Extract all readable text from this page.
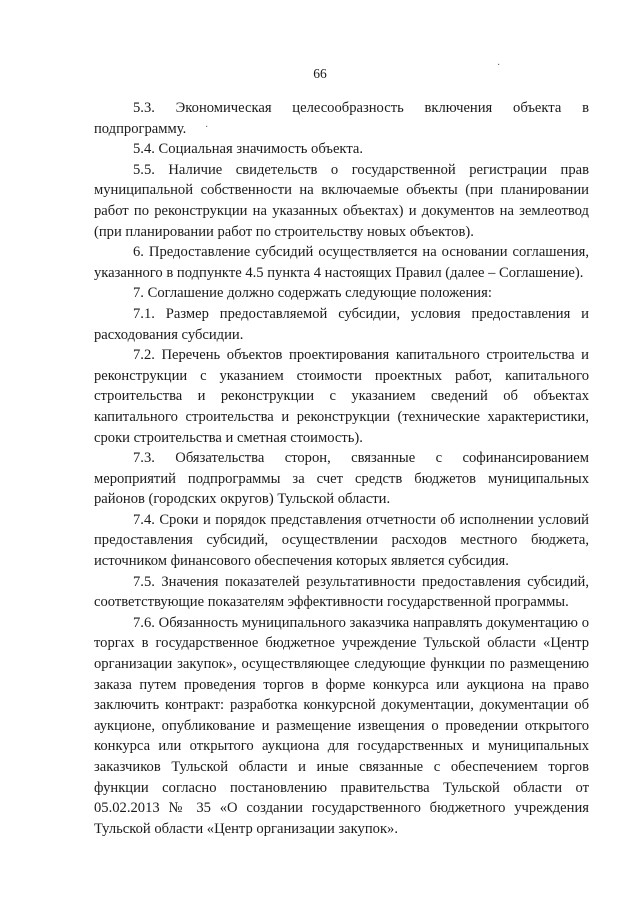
66
·
·

5.3. Экономическая целесообразность включения объекта в подпрограмму.

5.4. Социальная значимость объекта.

5.5. Наличие свидетельств о государственной регистрации прав муниципальной собственности на включаемые объекты (при планировании работ по реконструкции на указанных объектах) и документов на землеотвод (при планировании работ по строительству новых объектов).

6. Предоставление субсидий осуществляется на основании соглашения, указанного в подпункте 4.5 пункта 4 настоящих Правил (далее – Соглашение).

7. Соглашение должно содержать следующие положения:

7.1. Размер предоставляемой субсидии, условия предоставления и расходования субсидии.

7.2. Перечень объектов проектирования капитального строительства и реконструкции с указанием стоимости проектных работ, капитального строительства и реконструкции с указанием сведений об объектах капитального строительства и реконструкции (технические характеристики, сроки строительства и сметная стоимость).

7.3. Обязательства сторон, связанные с софинансированием мероприятий подпрограммы за счет средств бюджетов муниципальных районов (городских округов) Тульской области.

7.4. Сроки и порядок представления отчетности об исполнении условий предоставления субсидий, осуществлении расходов местного бюджета, источником финансового обеспечения которых является субсидия.

7.5. Значения показателей результативности предоставления субсидий, соответствующие показателям эффективности государственной программы.

7.6. Обязанность муниципального заказчика направлять документацию о торгах в государственное бюджетное учреждение Тульской области «Центр организации закупок», осуществляющее следующие функции по размещению заказа путем проведения торгов в форме конкурса или аукциона на право заключить контракт: разработка конкурсной документации, документации об аукционе, опубликование и размещение извещения о проведении открытого конкурса или открытого аукциона для государственных и муниципальных заказчиков Тульской области и иные связанные с обеспечением торгов функции согласно постановлению правительства Тульской области от 05.02.2013 № 35 «О создании государственного бюджетного учреждения Тульской области «Центр организации закупок».
